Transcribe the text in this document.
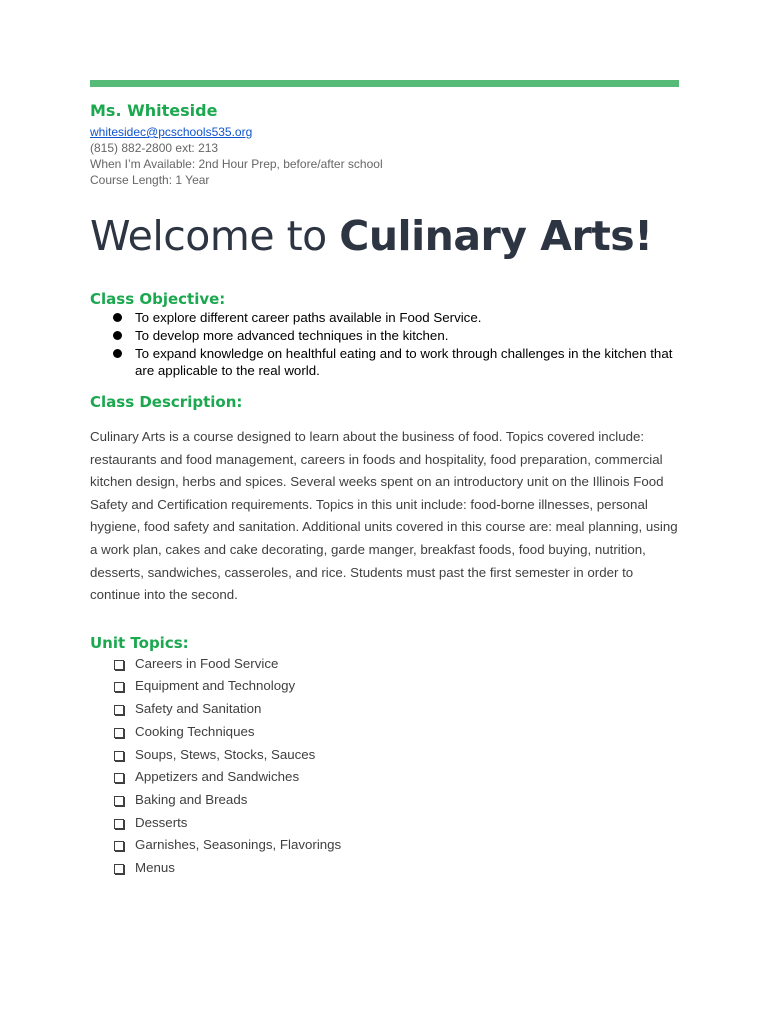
Ms. Whiteside
whitesidec@pcschools535.org
(815) 882-2800 ext: 213
When I’m Available: 2nd Hour Prep, before/after school
Course Length: 1 Year
Welcome to Culinary Arts!
Class Objective:
To explore different career paths available in Food Service.
To develop more advanced techniques in the kitchen.
To expand knowledge on healthful eating and to work through challenges in the kitchen that are applicable to the real world.
Class Description:
Culinary Arts is a course designed to learn about the business of food. Topics covered include: restaurants and food management, careers in foods and hospitality, food preparation, commercial kitchen design, herbs and spices. Several weeks spent on an introductory unit on the Illinois Food Safety and Certification requirements. Topics in this unit include: food-borne illnesses, personal hygiene, food safety and sanitation. Additional units covered in this course are: meal planning, using a work plan, cakes and cake decorating, garde manger, breakfast foods, food buying, nutrition, desserts, sandwiches, casseroles, and rice. Students must past the first semester in order to continue into the second.
Unit Topics:
Careers in Food Service
Equipment and Technology
Safety and Sanitation
Cooking Techniques
Soups, Stews, Stocks, Sauces
Appetizers and Sandwiches
Baking and Breads
Desserts
Garnishes, Seasonings, Flavorings
Menus
